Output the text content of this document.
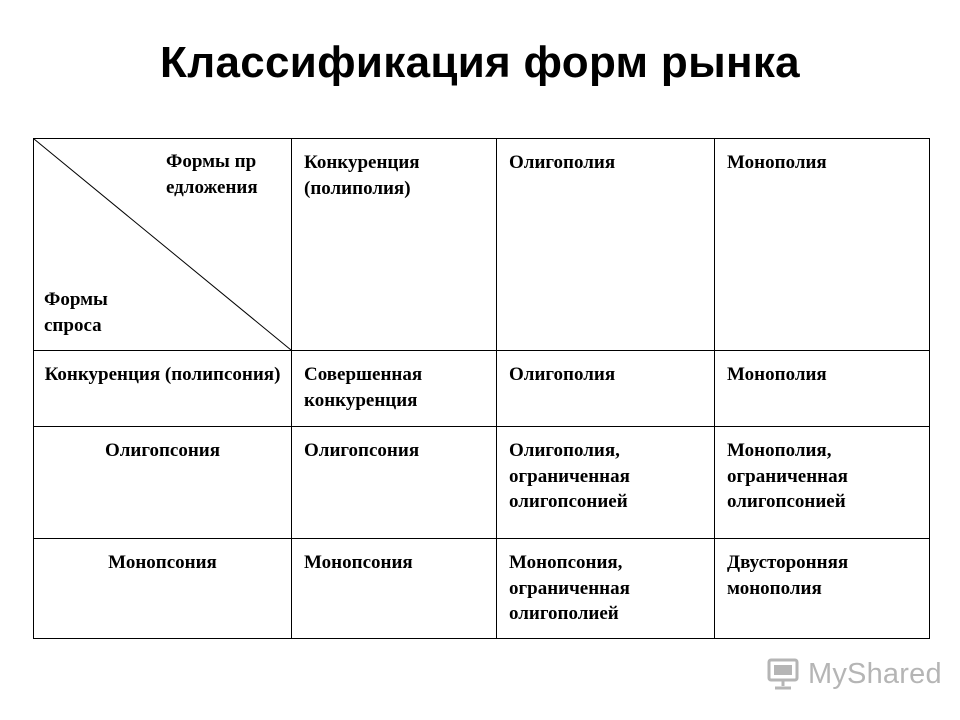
Классификация форм рынка
Формы предложения
Формы спроса	Конкуренция (полиполия)	Олигополия	Монополия
Конкуренция (полипсония)	Совершенная конкуренция	Олигополия	Монополия
Олигопсония	Олигопсония	Олигополия, ограниченная олигопсонией	Монополия, ограниченная олигопсонией
Монопсония	Монопсония	Монопсония, ограниченная олигополией	Двусторонняя монополия
MyShared
